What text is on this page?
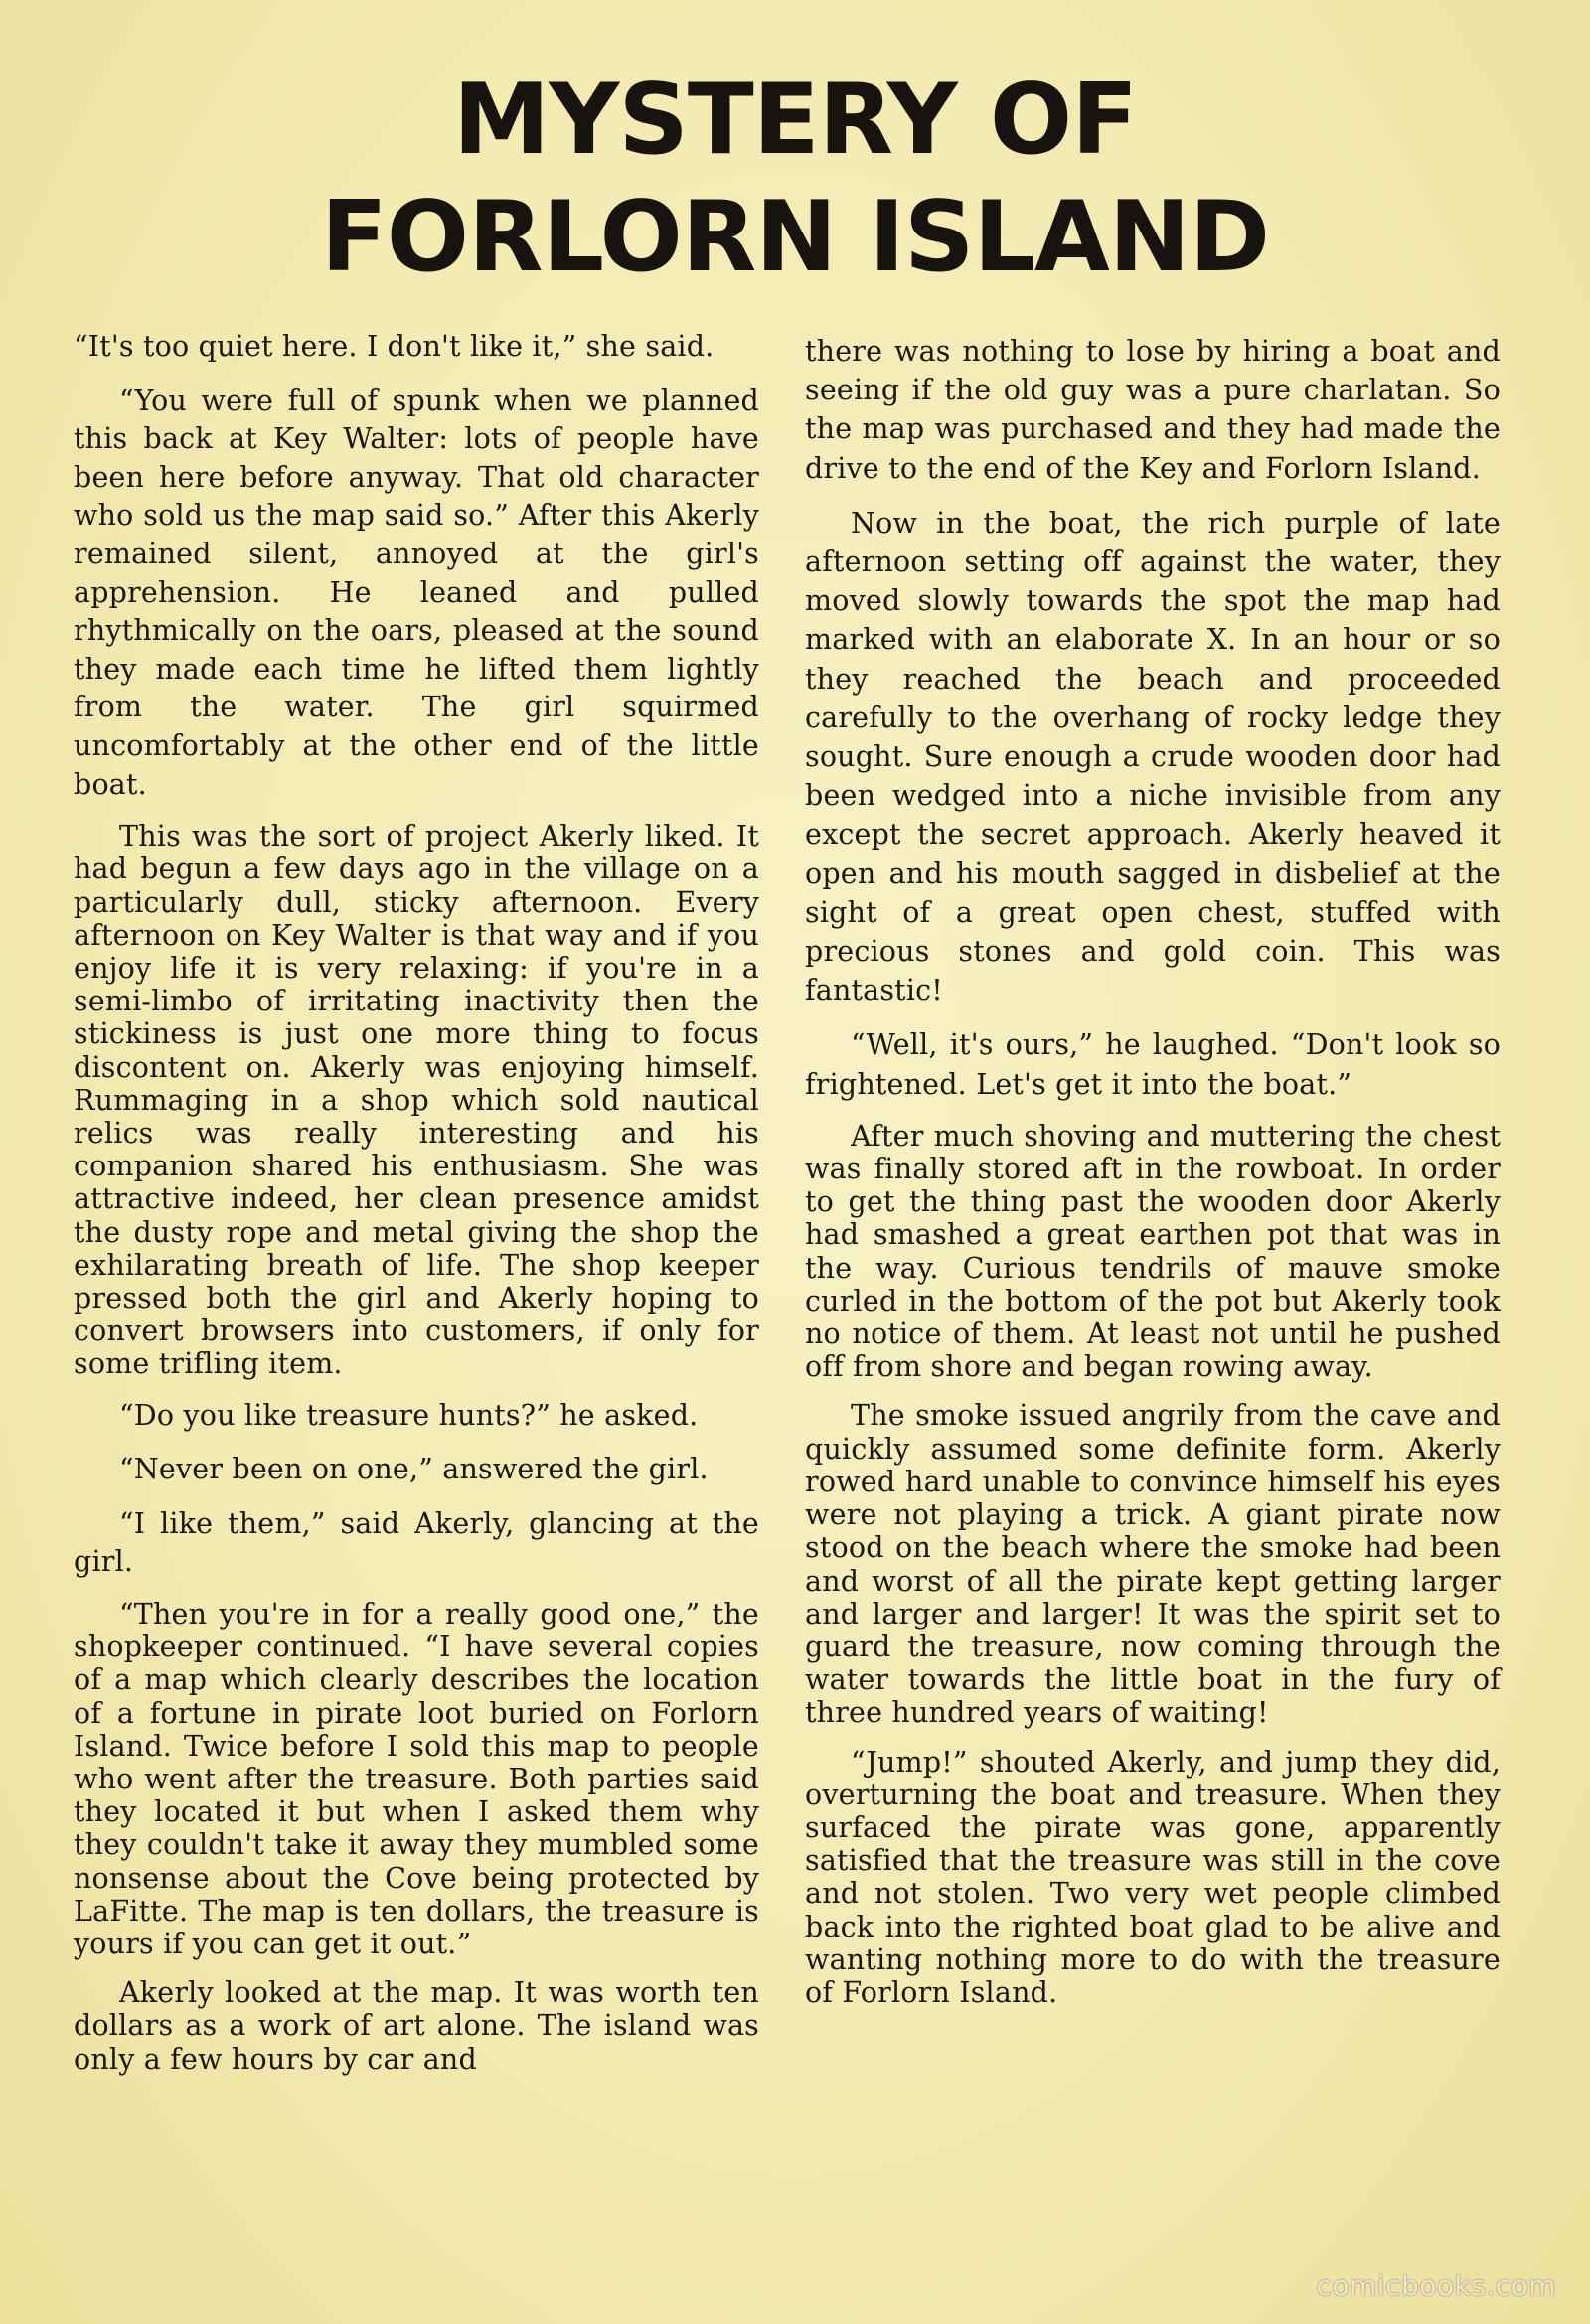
MYSTERY OF
FORLORN ISLAND

“It's too quiet here. I don't like it,” she said.

“You were full of spunk when we planned this back at Key Walter: lots of people have been here before anyway. That old character who sold us the map said so.” After this Akerly remained silent, annoyed at the girl's apprehension. He leaned and pulled rhythmically on the oars, pleased at the sound they made each time he lifted them lightly from the water. The girl squirmed uncomfortably at the other end of the little boat.

This was the sort of project Akerly liked. It had begun a few days ago in the village on a particularly dull, sticky afternoon. Every afternoon on Key Walter is that way and if you enjoy life it is very relaxing: if you're in a semi-limbo of irritating inactivity then the stickiness is just one more thing to focus discontent on. Akerly was enjoying himself. Rummaging in a shop which sold nautical relics was really interesting and his companion shared his enthusiasm. She was attractive indeed, her clean presence amidst the dusty rope and metal giving the shop the exhilarating breath of life. The shop keeper pressed both the girl and Akerly hoping to convert browsers into customers, if only for some trifling item.

“Do you like treasure hunts?” he asked.

“Never been on one,” answered the girl.

“I like them,” said Akerly, glancing at the girl.

“Then you're in for a really good one,” the shopkeeper continued. “I have several copies of a map which clearly describes the location of a fortune in pirate loot buried on Forlorn Island. Twice before I sold this map to people who went after the treasure. Both parties said they located it but when I asked them why they couldn't take it away they mumbled some nonsense about the Cove being protected by LaFitte. The map is ten dollars, the treasure is yours if you can get it out.”

Akerly looked at the map. It was worth ten dollars as a work of art alone. The island was only a few hours by car and

there was nothing to lose by hiring a boat and seeing if the old guy was a pure charlatan. So the map was purchased and they had made the drive to the end of the Key and Forlorn Island.

Now in the boat, the rich purple of late afternoon setting off against the water, they moved slowly towards the spot the map had marked with an elaborate X. In an hour or so they reached the beach and proceeded carefully to the overhang of rocky ledge they sought. Sure enough a crude wooden door had been wedged into a niche invisible from any except the secret approach. Akerly heaved it open and his mouth sagged in disbelief at the sight of a great open chest, stuffed with precious stones and gold coin. This was fantastic!

“Well, it's ours,” he laughed. “Don't look so frightened. Let's get it into the boat.”

After much shoving and muttering the chest was finally stored aft in the rowboat. In order to get the thing past the wooden door Akerly had smashed a great earthen pot that was in the way. Curious tendrils of mauve smoke curled in the bottom of the pot but Akerly took no notice of them. At least not until he pushed off from shore and began rowing away.

The smoke issued angrily from the cave and quickly assumed some definite form. Akerly rowed hard unable to convince himself his eyes were not playing a trick. A giant pirate now stood on the beach where the smoke had been and worst of all the pirate kept getting larger and larger and larger! It was the spirit set to guard the treasure, now coming through the water towards the little boat in the fury of three hundred years of waiting!

“Jump!” shouted Akerly, and jump they did, overturning the boat and treasure. When they surfaced the pirate was gone, apparently satisfied that the treasure was still in the cove and not stolen. Two very wet people climbed back into the righted boat glad to be alive and wanting nothing more to do with the treasure of Forlorn Island.

comicbooks.com
